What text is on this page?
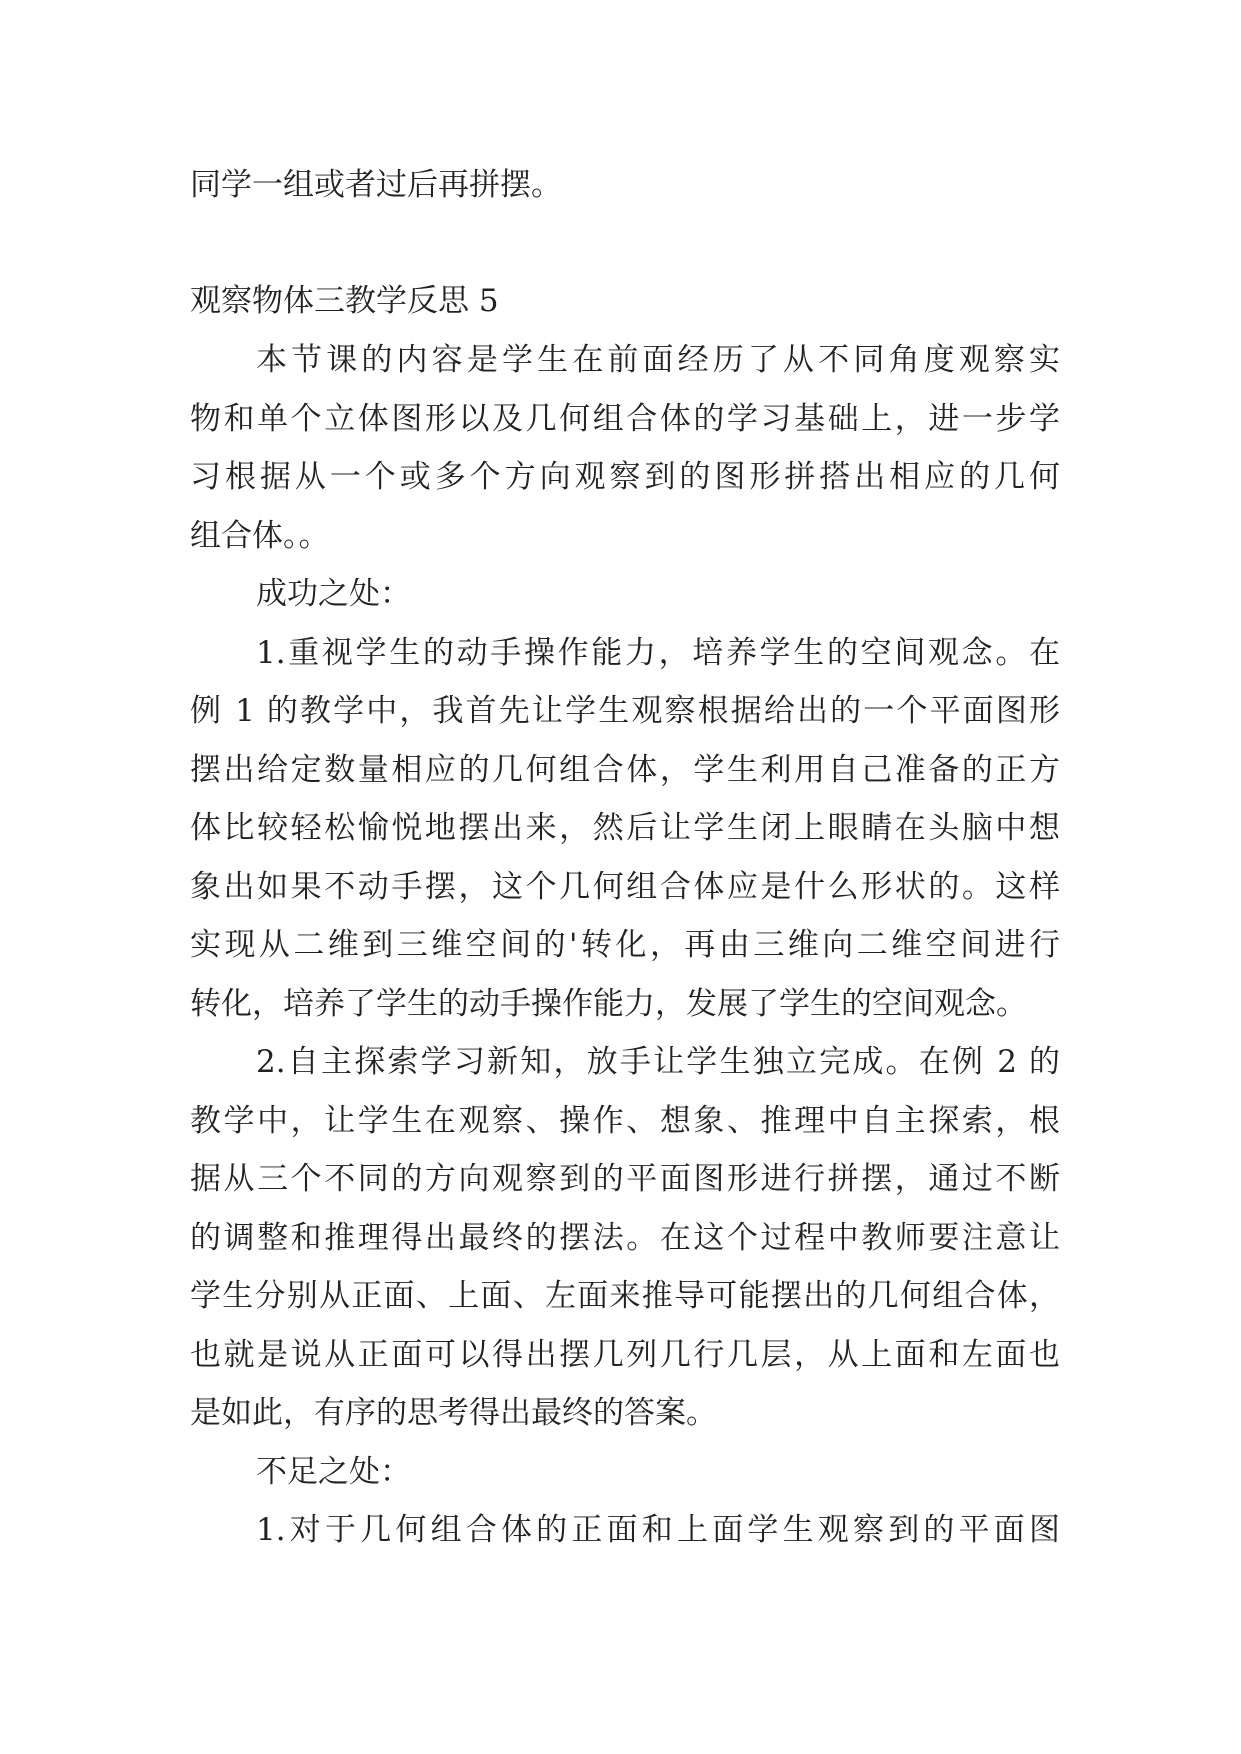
同学一组或者过后再拼摆。
观察物体三教学反思 5
本节课的内容是学生在前面经历了从不同角度观察实
物和单个立体图形以及几何组合体的学习基础上，进一步学
习根据从一个或多个方向观察到的图形拼搭出相应的几何
组合体。。
成功之处：
1.重视学生的动手操作能力，培养学生的空间观念。在
例 1 的教学中，我首先让学生观察根据给出的一个平面图形
摆出给定数量相应的几何组合体，学生利用自己准备的正方
体比较轻松愉悦地摆出来，然后让学生闭上眼睛在头脑中想
象出如果不动手摆，这个几何组合体应是什么形状的。这样
实现从二维到三维空间的'转化，再由三维向二维空间进行
转化，培养了学生的动手操作能力，发展了学生的空间观念。
2.自主探索学习新知，放手让学生独立完成。在例 2 的
教学中，让学生在观察、操作、想象、推理中自主探索，根
据从三个不同的方向观察到的平面图形进行拼摆，通过不断
的调整和推理得出最终的摆法。在这个过程中教师要注意让
学生分别从正面、上面、左面来推导可能摆出的几何组合体，
也就是说从正面可以得出摆几列几行几层，从上面和左面也
是如此，有序的思考得出最终的答案。
不足之处：
1.对于几何组合体的正面和上面学生观察到的平面图
